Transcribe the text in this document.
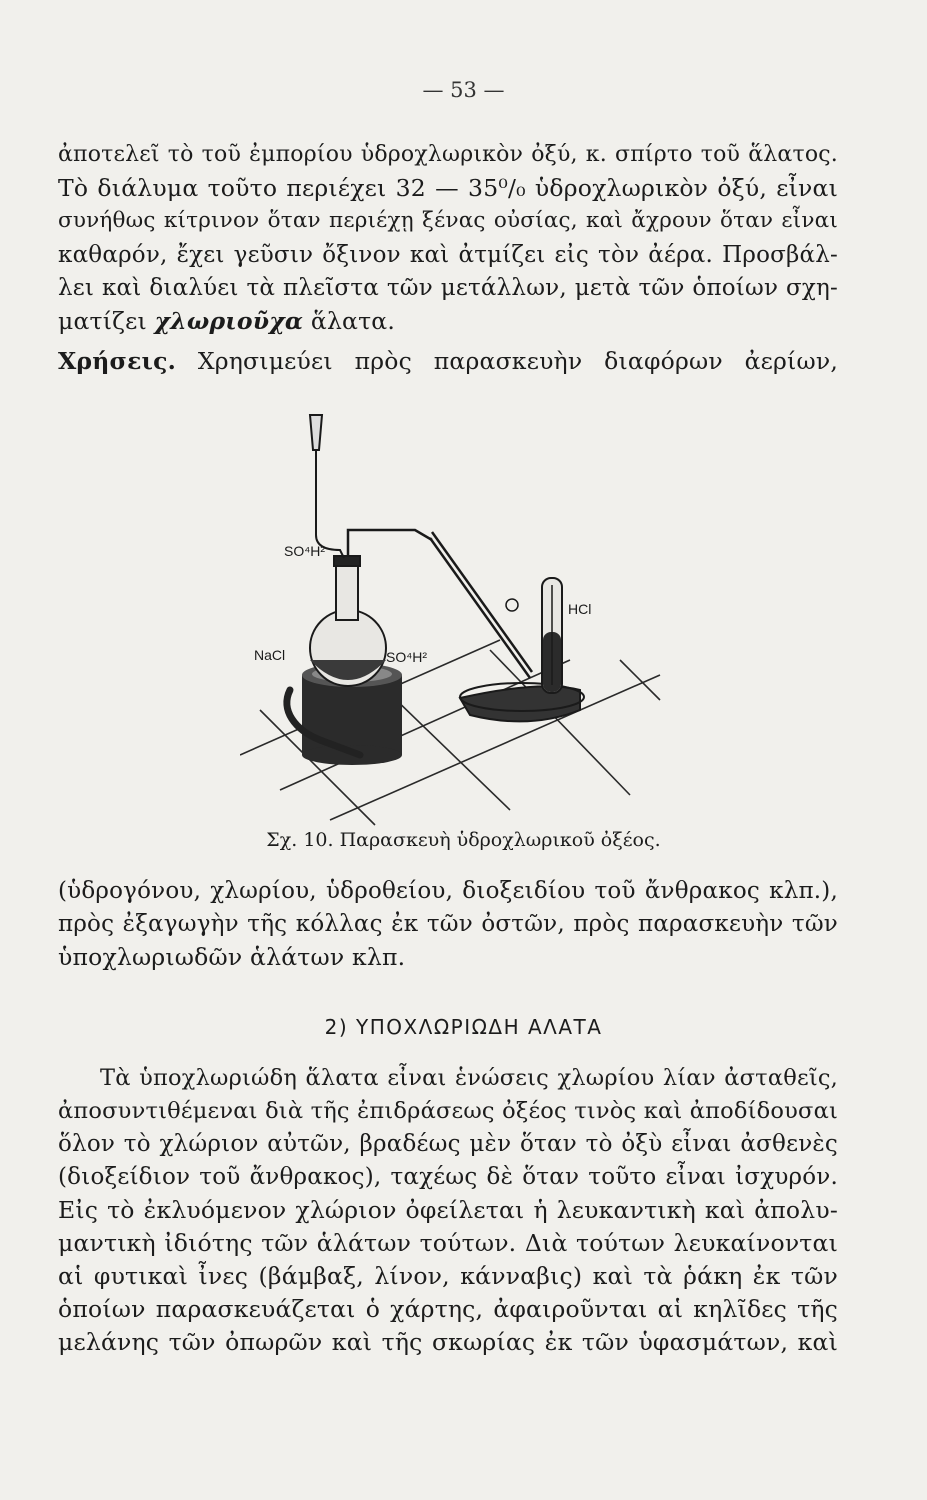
— 53 —
ἀποτελεῖ τὸ τοῦ ἐμπορίου ὑδροχλωρικὸν ὀξύ, κ. σπίρτο τοῦ ἅλατος.
Τὸ διάλυμα τοῦτο περιέχει 32 — 35⁰/₀ ὑδροχλωρικὸν ὀξύ, εἶναι
συνήθως κίτρινον ὅταν περιέχῃ ξένας οὐσίας, καὶ ἄχρουν ὅταν εἶναι
καθαρόν, ἔχει γεῦσιν ὄξινον καὶ ἀτμίζει εἰς τὸν ἀέρα. Προσβάλ-
λει καὶ διαλύει τὰ πλεῖστα τῶν μετάλλων, μετὰ τῶν ὁποίων σχη-
ματίζει χλωριοῦχα ἅλατα.
Χρήσεις. Χρησιμεύει πρὸς παρασκευὴν διαφόρων ἀερίων,
SO⁴H²
NaCl	SO⁴H²
HCl
Σχ. 10. Παρασκευὴ ὑδροχλωρικοῦ ὀξέος.
(ὑδρογόνου, χλωρίου, ὑδροθείου, διοξειδίου τοῦ ἄνθρακος κλπ.),
πρὸς ἐξαγωγὴν τῆς κόλλας ἐκ τῶν ὀστῶν, πρὸς παρασκευὴν τῶν
ὑποχλωριωδῶν ἁλάτων κλπ.
2) ΥΠΟΧΛΩΡΙΩΔΗ ΑΛΑΤΑ
Τὰ ὑποχλωριώδη ἅλατα εἶναι ἑνώσεις χλωρίου λίαν ἀσταθεῖς,
ἀποσυντιθέμεναι διὰ τῆς ἐπιδράσεως ὀξέος τινὸς καὶ ἀποδίδουσαι
ὅλον τὸ χλώριον αὐτῶν, βραδέως μὲν ὅταν τὸ ὀξὺ εἶναι ἀσθενὲς
(διοξείδιον τοῦ ἄνθρακος), ταχέως δὲ ὅταν τοῦτο εἶναι ἰσχυρόν.
Εἰς τὸ ἐκλυόμενον χλώριον ὀφείλεται ἡ λευκαντικὴ καὶ ἀπολυ-
μαντικὴ ἰδιότης τῶν ἁλάτων τούτων. Διὰ τούτων λευκαίνονται
αἱ φυτικαὶ ἶνες (βάμβαξ, λίνον, κάνναβις) καὶ τὰ ῥάκη ἐκ τῶν
ὁποίων παρασκευάζεται ὁ χάρτης, ἀφαιροῦνται αἱ κηλῖδες τῆς
μελάνης τῶν ὀπωρῶν καὶ τῆς σκωρίας ἐκ τῶν ὑφασμάτων, καὶ
